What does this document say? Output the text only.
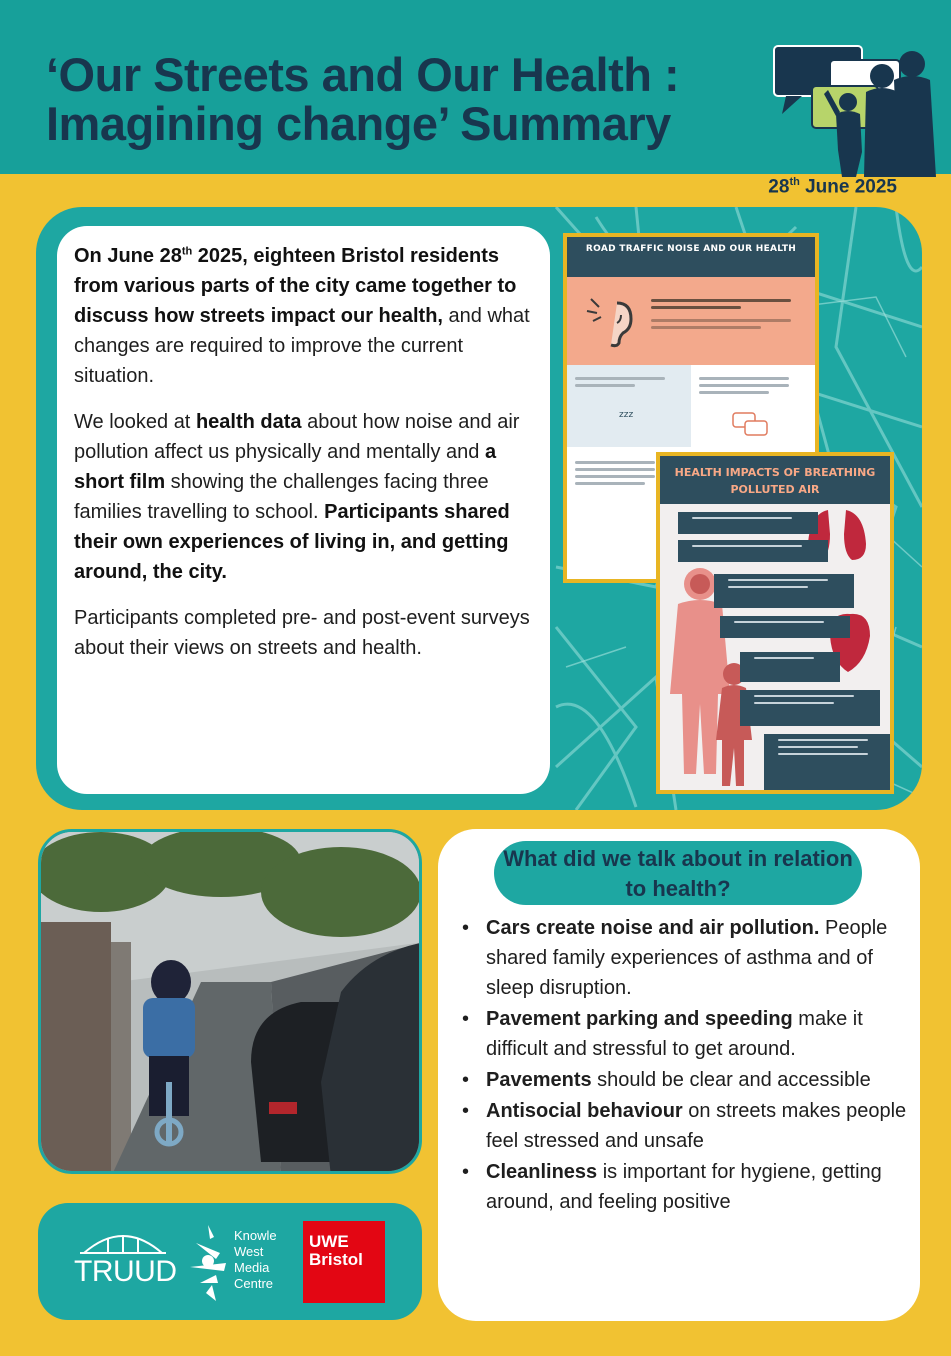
‘Our Streets and Our Health :
Imagining change’ Summary
28th June 2025

On June 28th 2025, eighteen Bristol residents from various parts of the city came together to discuss how streets impact our health, and what changes are required to improve the current situation.

We looked at health data about how noise and air pollution affect us physically and mentally and a short film showing the challenges facing three families travelling to school. Participants shared their own experiences of living in, and getting around, the city.

Participants completed pre- and post-event surveys about their views on streets and health.

ROAD TRAFFIC NOISE AND OUR HEALTH
zzz
HEALTH IMPACTS OF BREATHING POLLUTED AIR
TRUUD
Knowle
West
Media
Centre
UWE
Bristol
What did we talk about in relation to health?
• Cars create noise and air pollution. People shared family experiences of asthma and of sleep disruption.
• Pavement parking and speeding make it difficult and stressful to get around.
• Pavements should be clear and accessible
• Antisocial behaviour on streets makes people feel stressed and unsafe
• Cleanliness is important for hygiene, getting around, and feeling positive
